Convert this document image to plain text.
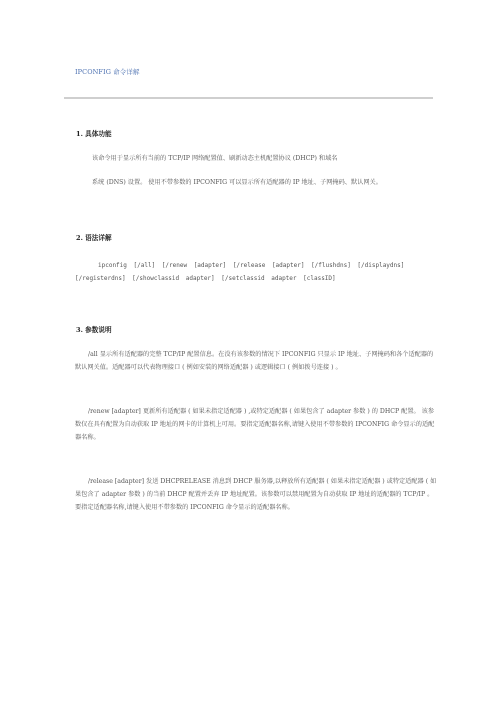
IPCONFIG 命令详解
1. 具体功能
该命令用于显示所有当前的 TCP/IP 网络配置值、刷新动态主机配置协议 (DHCP) 和域名
系统 (DNS) 设置。 使用不带参数的 IPCONFIG 可以显示所有适配器的 IP 地址、子网掩码、默认网关。
2. 语法详解
ipconfig [/all] [/renew [adapter] [/release [adapter] [/flushdns] [/displaydns] [/registerdns] [/showclassid adapter] [/setclassid adapter [classID]
3. 参数说明
/all 显示所有适配器的完整 TCP/IP 配置信息。在没有该参数的情况下 IPCONFIG 只显示 IP 地址、子网掩码和各个适配器的默认网关值。适配器可以代表物理接口 ( 例如安装的网络适配器 ) 或逻辑接口 ( 例如拨号连接 ) 。
/renew [adapter] 更新所有适配器 ( 如果未指定适配器 ) ,或特定适配器 ( 如果包含了 adapter 参数 ) 的 DHCP 配置。 该参数仅在具有配置为自动获取 IP 地址的网卡的计算机上可用。要指定适配器名称,请键入使用不带参数的 IPCONFIG 命令显示的适配器名称。
/release [adapter] 发送 DHCPRELEASE 消息到 DHCP 服务器,以释放所有适配器 ( 如果未指定适配器 ) 或特定适配器 ( 如果包含了 adapter 参数 ) 的当前 DHCP 配置并丢弃 IP 地址配置。该参数可以禁用配置为自动获取 IP 地址的适配器的 TCP/IP 。要指定适配器名称,请键入使用不带参数的 IPCONFIG 命令显示的适配器名称。
